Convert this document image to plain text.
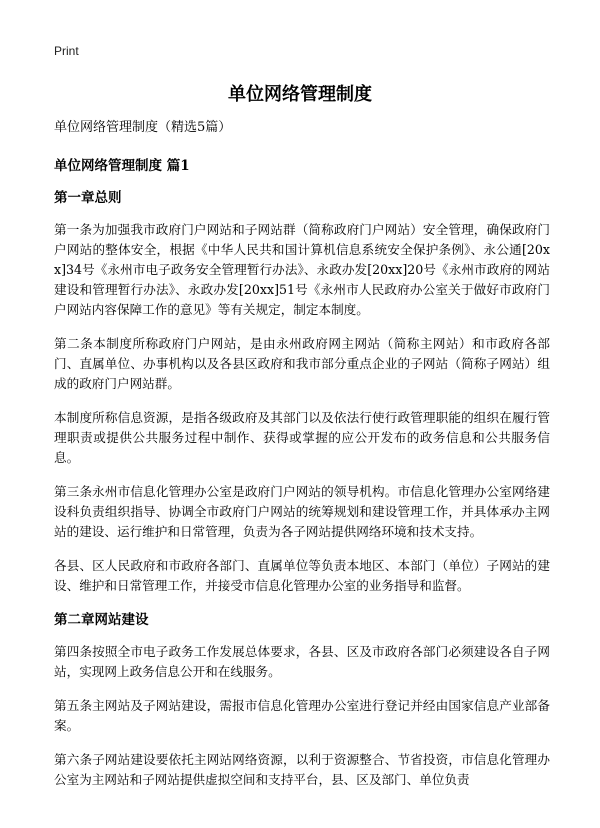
Print
单位网络管理制度

单位网络管理制度（精选5篇）

单位网络管理制度 篇1

第一章总则

第一条为加强我市政府门户网站和子网站群（简称政府门户网站）安全管理，确保政府门户网站的整体安全，根据《中华人民共和国计算机信息系统安全保护条例》、永公通[20xx]34号《永州市电子政务安全管理暂行办法》、永政办发[20xx]20号《永州市政府的网站建设和管理暂行办法》、永政办发[20xx]51号《永州市人民政府办公室关于做好市政府门户网站内容保障工作的意见》等有关规定，制定本制度。

第二条本制度所称政府门户网站，是由永州政府网主网站（简称主网站）和市政府各部门、直属单位、办事机构以及各县区政府和我市部分重点企业的子网站（简称子网站）组成的政府门户网站群。

本制度所称信息资源，是指各级政府及其部门以及依法行使行政管理职能的组织在履行管理职责或提供公共服务过程中制作、获得或掌握的应公开发布的政务信息和公共服务信息。

第三条永州市信息化管理办公室是政府门户网站的领导机构。市信息化管理办公室网络建设科负责组织指导、协调全市政府门户网站的统筹规划和建设管理工作，并具体承办主网站的建设、运行维护和日常管理，负责为各子网站提供网络环境和技术支持。

各县、区人民政府和市政府各部门、直属单位等负责本地区、本部门（单位）子网站的建设、维护和日常管理工作，并接受市信息化管理办公室的业务指导和监督。

第二章网站建设

第四条按照全市电子政务工作发展总体要求，各县、区及市政府各部门必须建设各自子网站，实现网上政务信息公开和在线服务。

第五条主网站及子网站建设，需报市信息化管理办公室进行登记并经由国家信息产业部备案。

第六条子网站建设要依托主网站网络资源，以利于资源整合、节省投资，市信息化管理办公室为主网站和子网站提供虚拟空间和支持平台，县、区及部门、单位负责
